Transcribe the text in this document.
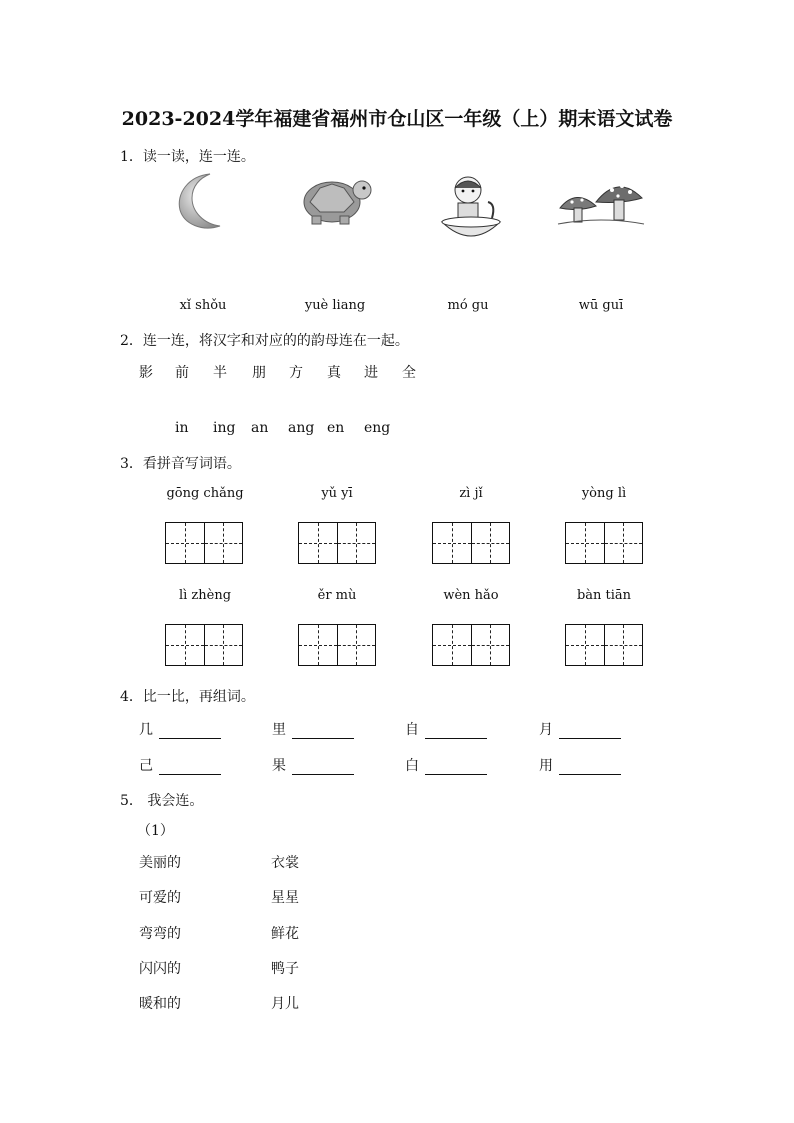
2023-2024学年福建省福州市仓山区一年级（上）期末语文试卷
1．读一读，连一连。
xǐ shǒu	yuè liang	mó gu	wū guī
2．连一连，将汉字和对应的的韵母连在一起。
影 前 半 朋 方 真 进 全
in ing an ang en eng
3．看拼音写词语。
gōng chǎng	yǔ yī	zì jǐ	yòng lì
lì zhèng	ěr mù	wèn hǎo	bàn tiān
4．比一比，再组词。
几	里	自	月
己	果	白	用
5． 我会连。
（1）
美丽的
可爱的
弯弯的
闪闪的
暖和的
衣裳
星星
鲜花
鸭子
月儿
